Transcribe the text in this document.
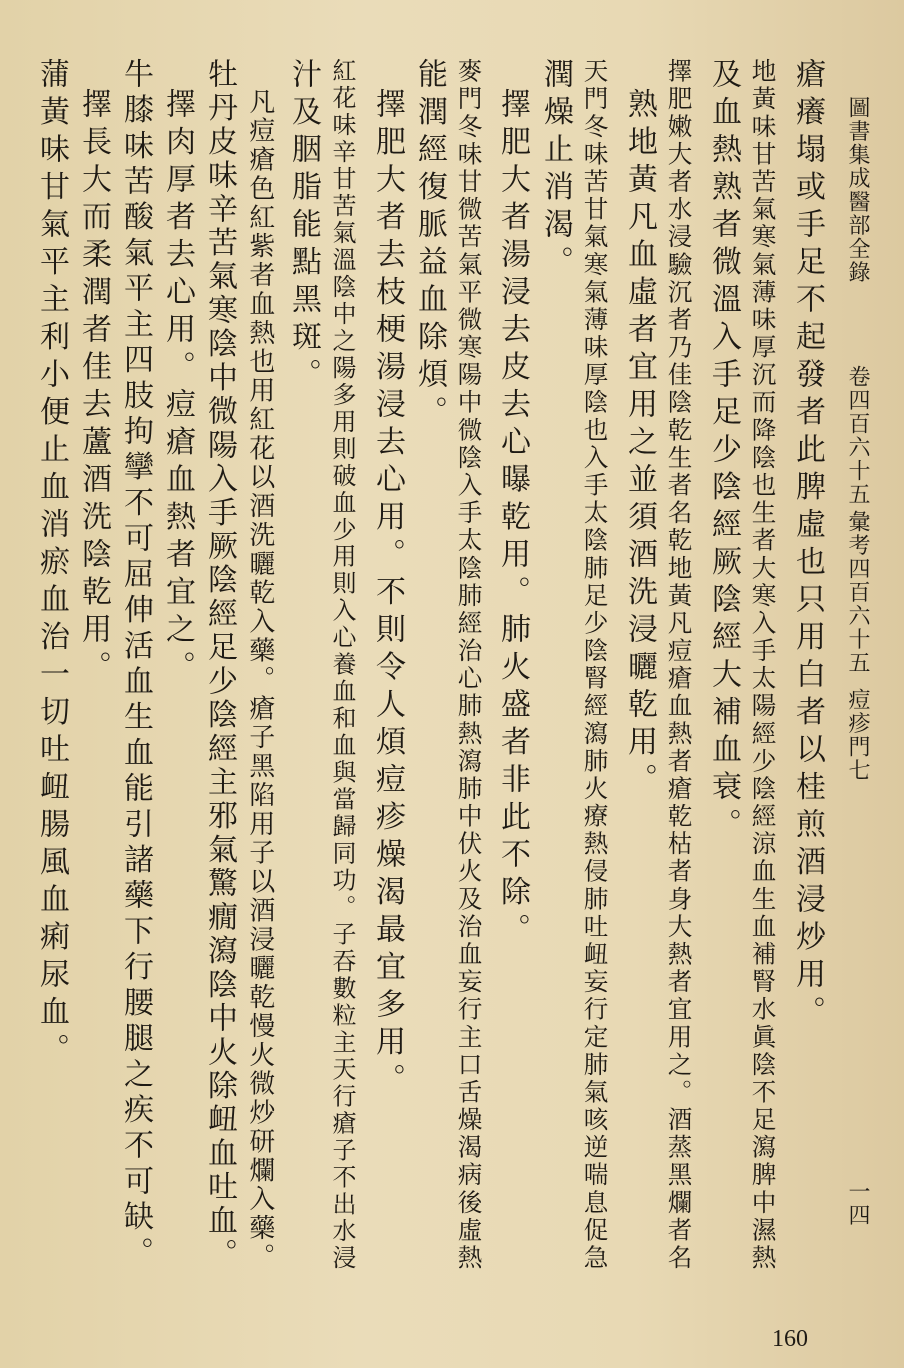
圖書集成醫部全錄
卷四百六十五
彙考四百六十五
痘疹門七
一四
瘡癢塌或手足不起發者此脾虛也只用白者以桂煎酒浸炒用。
地黃味甘苦氣寒氣薄味厚沉而降陰也生者大寒入手太陽經少陰經涼血生血補腎水眞陰不足瀉脾中濕熱
及血熱熟者微溫入手足少陰經厥陰經大補血衰。
擇肥嫩大者水浸驗沉者乃佳陰乾生者名乾地黃凡痘瘡血熱者瘡乾枯者身大熱者宜用之。酒蒸黑爛者名
熟地黃凡血虛者宜用之並須酒洗浸曬乾用。
天門冬味苦甘氣寒氣薄味厚陰也入手太陰肺足少陰腎經瀉肺火療熱侵肺吐衄妄行定肺氣咳逆喘息促急
潤燥止消渴。
擇肥大者湯浸去皮去心曝乾用。肺火盛者非此不除。
麥門冬味甘微苦氣平微寒陽中微陰入手太陰肺經治心肺熱瀉肺中伏火及治血妄行主口舌燥渴病後虛熱
能潤經復脈益血除煩。
擇肥大者去枝梗湯浸去心用。不則令人煩痘疹燥渴最宜多用。
紅花味辛甘苦氣溫陰中之陽多用則破血少用則入心養血和血與當歸同功。子吞數粒主天行瘡子不出水浸
汁及胭脂能點黑斑。
凡痘瘡色紅紫者血熱也用紅花以酒洗曬乾入藥。瘡子黑陷用子以酒浸曬乾慢火微炒研爛入藥。
牡丹皮味辛苦氣寒陰中微陽入手厥陰經足少陰經主邪氣驚癇瀉陰中火除衄血吐血。
擇肉厚者去心用。痘瘡血熱者宜之。
牛膝味苦酸氣平主四肢拘攣不可屈伸活血生血能引諸藥下行腰腿之疾不可缺。
擇長大而柔潤者佳去蘆酒洗陰乾用。
蒲黃味甘氣平主利小便止血消瘀血治一切吐衄腸風血痢尿血。
160
